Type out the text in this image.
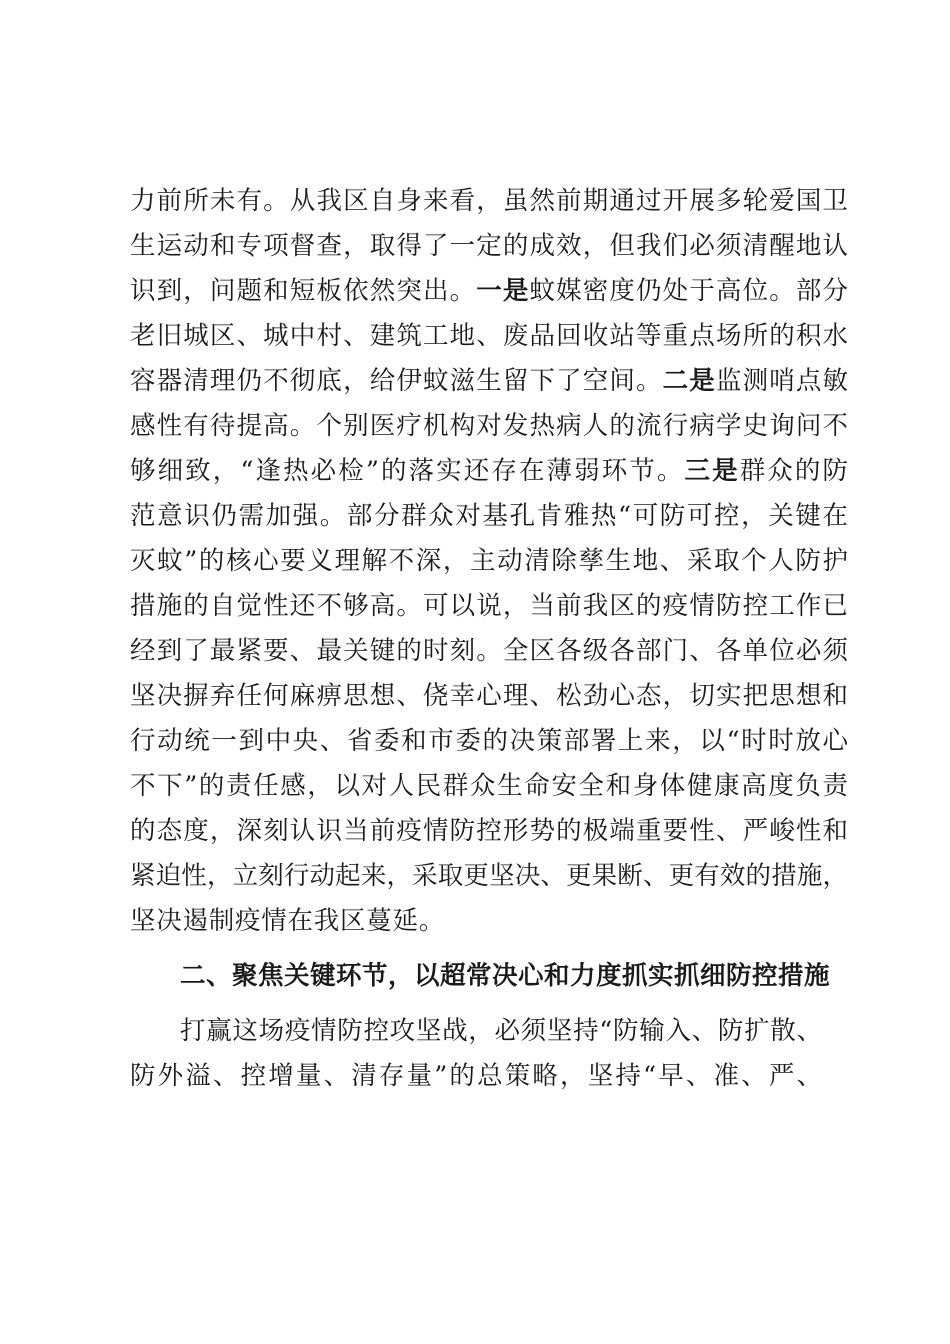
力前所未有。从我区自身来看，虽然前期通过开展多轮爱国卫
生运动和专项督查，取得了一定的成效，但我们必须清醒地认
识到，问题和短板依然突出。一是蚊媒密度仍处于高位。部分
老旧城区、城中村、建筑工地、废品回收站等重点场所的积水
容器清理仍不彻底，给伊蚊滋生留下了空间。二是监测哨点敏
感性有待提高。个别医疗机构对发热病人的流行病学史询问不
够细致，“逢热必检”的落实还存在薄弱环节。三是群众的防
范意识仍需加强。部分群众对基孔肯雅热“可防可控，关键在
灭蚊”的核心要义理解不深，主动清除孳生地、采取个人防护
措施的自觉性还不够高。可以说，当前我区的疫情防控工作已
经到了最紧要、最关键的时刻。全区各级各部门、各单位必须
坚决摒弃任何麻痹思想、侥幸心理、松劲心态，切实把思想和
行动统一到中央、省委和市委的决策部署上来，以“时时放心
不下”的责任感，以对人民群众生命安全和身体健康高度负责
的态度，深刻认识当前疫情防控形势的极端重要性、严峻性和
紧迫性，立刻行动起来，采取更坚决、更果断、更有效的措施，
坚决遏制疫情在我区蔓延。
二、聚焦关键环节，以超常决心和力度抓实抓细防控措施
打赢这场疫情防控攻坚战，必须坚持“防输入、防扩散、
防外溢、控增量、清存量”的总策略，坚持“早、准、严、
